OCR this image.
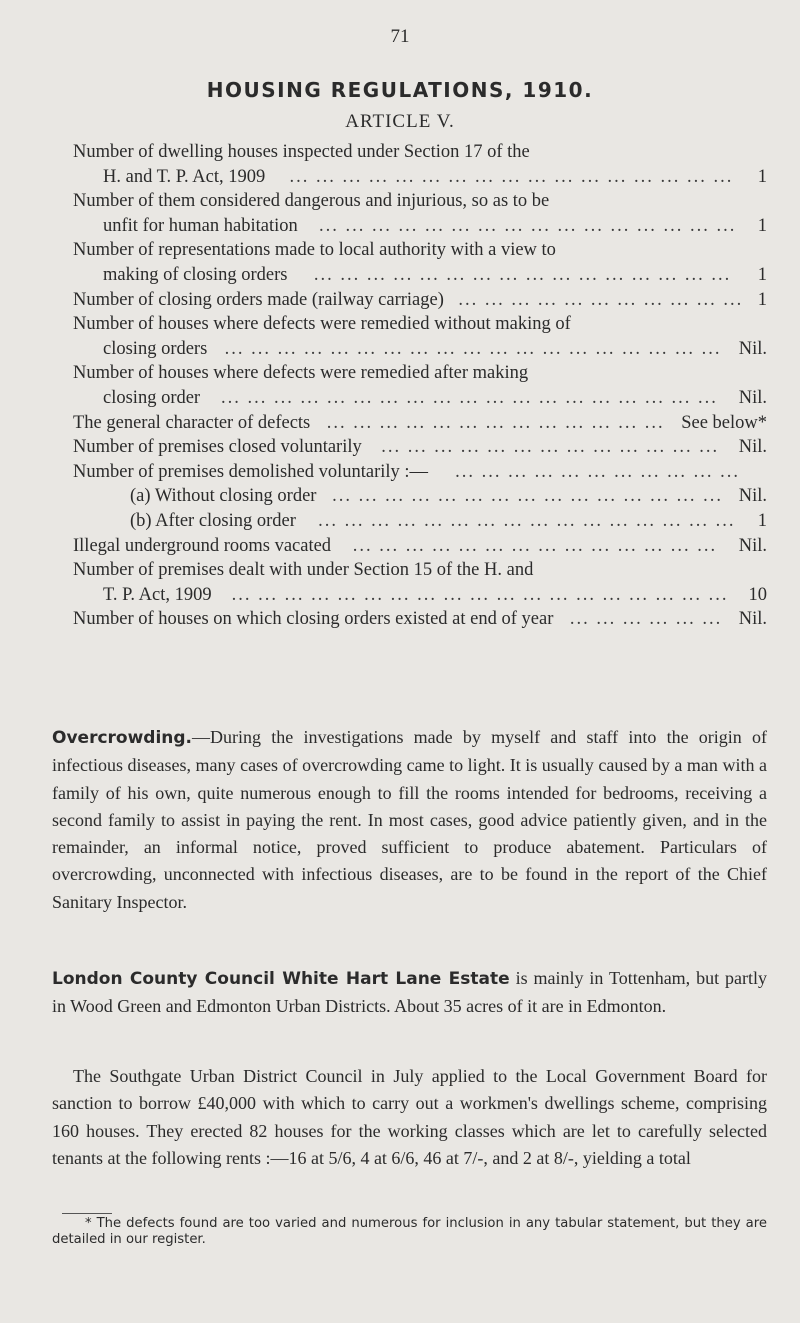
71
HOUSING REGULATIONS, 1910.
ARTICLE V.
Number of dwelling houses inspected under Section 17 of the
H. and T. P. Act, 1909	1
... ... ... ... ... ... ... ... ... ... ... ... ... ... ... ... ...
Number of them considered dangerous and injurious, so as to be
unfit for human habitation	1
... ... ... ... ... ... ... ... ... ... ... ... ... ... ... ...
Number of representations made to local authority with a view to
making of closing orders	1
... ... ... ... ... ... ... ... ... ... ... ... ... ... ... ...
Number of closing orders made (railway carriage)	1
... ... ... ... ... ... ... ... ... ... ...
Number of houses where defects were remedied without making of
closing orders	Nil.
... ... ... ... ... ... ... ... ... ... ... ... ... ... ... ... ... ... ...
Number of houses where defects were remedied after making
closing order	Nil.
... ... ... ... ... ... ... ... ... ... ... ... ... ... ... ... ... ... ...
The general character of defects	See below*
... ... ... ... ... ... ... ... ... ... ... ... ...
Number of premises closed voluntarily	Nil.
... ... ... ... ... ... ... ... ... ... ... ... ...
Number of premises demolished voluntarily :— ... ... ... ... ... ... ... ... ... ... ...
(a) Without closing order	Nil.
... ... ... ... ... ... ... ... ... ... ... ... ... ... ...
(b) After closing order	1
... ... ... ... ... ... ... ... ... ... ... ... ... ... ... ...
Illegal underground rooms vacated	Nil.
... ... ... ... ... ... ... ... ... ... ... ... ... ...
Number of premises dealt with under Section 15 of the H. and
T. P. Act, 1909	10
... ... ... ... ... ... ... ... ... ... ... ... ... ... ... ... ... ... ...
Number of houses on which closing orders existed at end of year	Nil.
... ... ... ... ... ...
Overcrowding.—During the investigations made by myself and staff into the origin of infectious diseases, many cases of overcrowding came to light. It is usually caused by a man with a family of his own, quite numerous enough to fill the rooms intended for bedrooms, receiving a second family to assist in paying the rent. In most cases, good advice patiently given, and in the remainder, an informal notice, proved sufficient to produce abatement. Particulars of overcrowding, unconnected with infectious diseases, are to be found in the report of the Chief Sanitary Inspector.
London County Council White Hart Lane Estate is mainly in Tottenham, but partly in Wood Green and Edmonton Urban Districts. About 35 acres of it are in Edmonton.
The Southgate Urban District Council in July applied to the Local Government Board for sanction to borrow £40,000 with which to carry out a workmen's dwellings scheme, comprising 160 houses. They erected 82 houses for the working classes which are let to carefully selected tenants at the following rents :—16 at 5/6, 4 at 6/6, 46 at 7/-, and 2 at 8/-, yielding a total
* The defects found are too varied and numerous for inclusion in any tabular statement, but they are detailed in our register.
